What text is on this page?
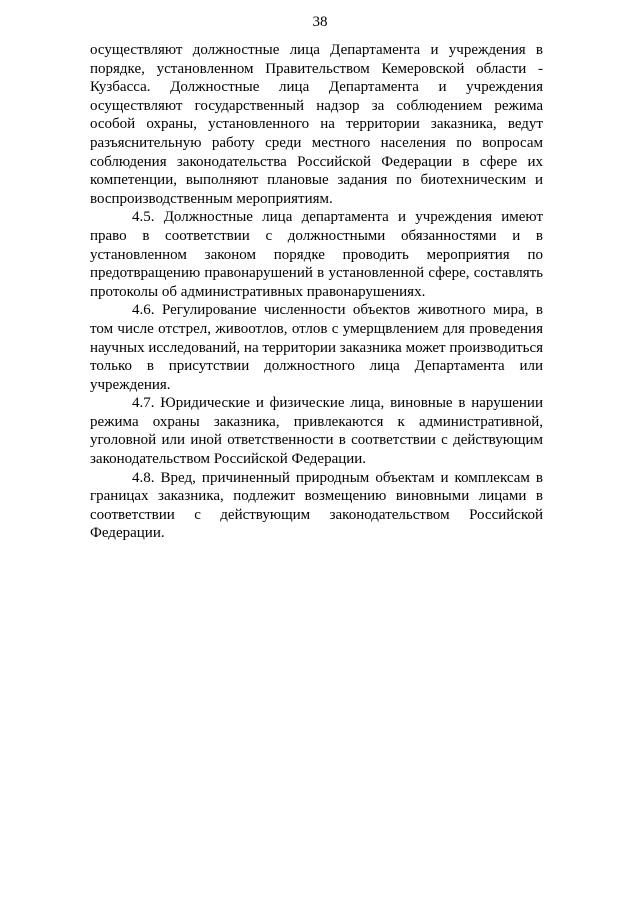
38

осуществляют должностные лица Департамента и учреждения в порядке, установленном Правительством Кемеровской области - Кузбасса. Должностные лица Департамента и учреждения осуществляют государственный надзор за соблюдением режима особой охраны, установленного на территории заказника, ведут разъяснительную работу среди местного населения по вопросам соблюдения законодательства Российской Федерации в сфере их компетенции, выполняют плановые задания по биотехническим и воспроизводственным мероприятиям.

4.5. Должностные лица департамента и учреждения имеют право в соответствии с должностными обязанностями и в установленном законом порядке проводить мероприятия по предотвращению правонарушений в установленной сфере, составлять протоколы об административных правонарушениях.

4.6. Регулирование численности объектов животного мира, в том числе отстрел, живоотлов, отлов с умерщвлением для проведения научных исследований, на территории заказника может производиться только в присутствии должностного лица Департамента или учреждения.

4.7. Юридические и физические лица, виновные в нарушении режима охраны заказника, привлекаются к административной, уголовной или иной ответственности в соответствии с действующим законодательством Российской Федерации.

4.8. Вред, причиненный природным объектам и комплексам в границах заказника, подлежит возмещению виновными лицами в соответствии с действующим законодательством Российской Федерации.
